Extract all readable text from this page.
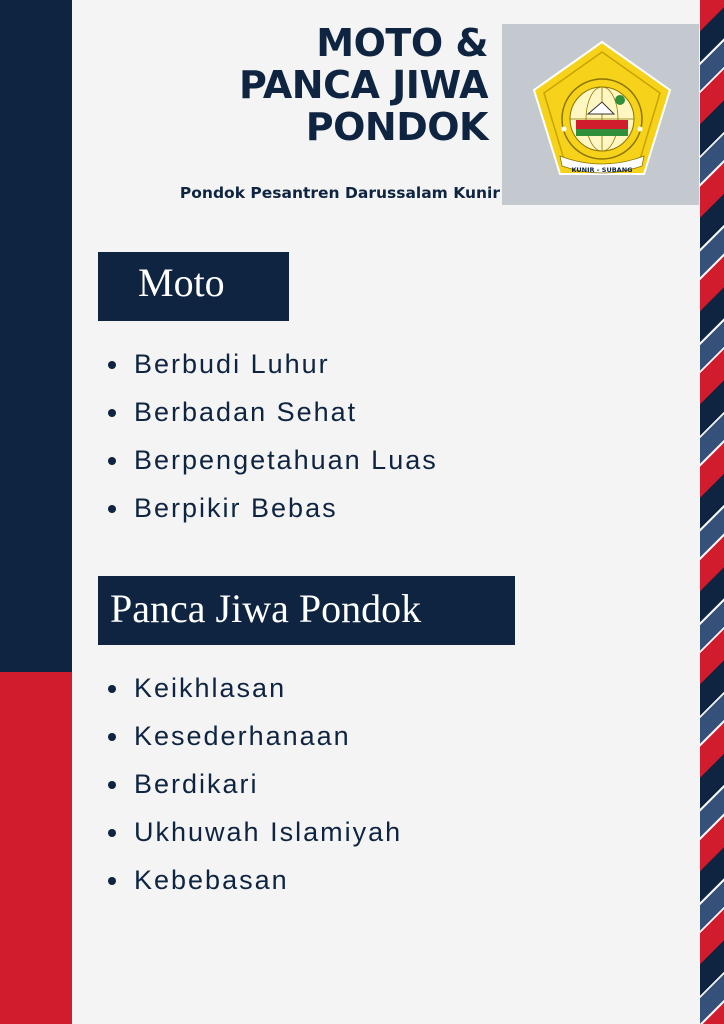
MOTO &
PANCA JIWA
PONDOK
Pondok Pesantren Darussalam Kunir
KUNIR - SUBANG
Moto
Berbudi Luhur
Berbadan Sehat
Berpengetahuan Luas
Berpikir Bebas
Panca Jiwa Pondok
Keikhlasan
Kesederhanaan
Berdikari
Ukhuwah Islamiyah
Kebebasan
